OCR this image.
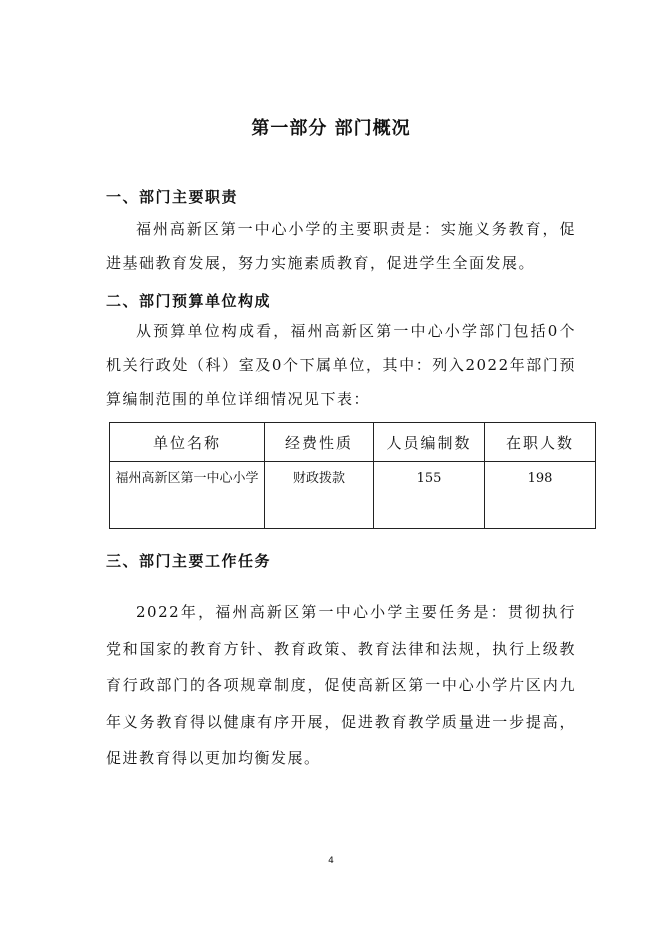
第一部分 部门概况
一、部门主要职责

福州高新区第一中心小学的主要职责是：实施义务教育，促进基础教育发展，努力实施素质教育，促进学生全面发展。

二、部门预算单位构成

从预算单位构成看，福州高新区第一中心小学部门包括0个机关行政处（科）室及0个下属单位，其中：列入2022年部门预算编制范围的单位详细情况见下表：

单位名称	经费性质	人员编制数	在职人数
福州高新区第一中心小学	财政拨款	155	198
三、部门主要工作任务

2022年，福州高新区第一中心小学主要任务是：贯彻执行党和国家的教育方针、教育政策、教育法律和法规，执行上级教育行政部门的各项规章制度，促使高新区第一中心小学片区内九年义务教育得以健康有序开展，促进教育教学质量进一步提高，促进教育得以更加均衡发展。

4
